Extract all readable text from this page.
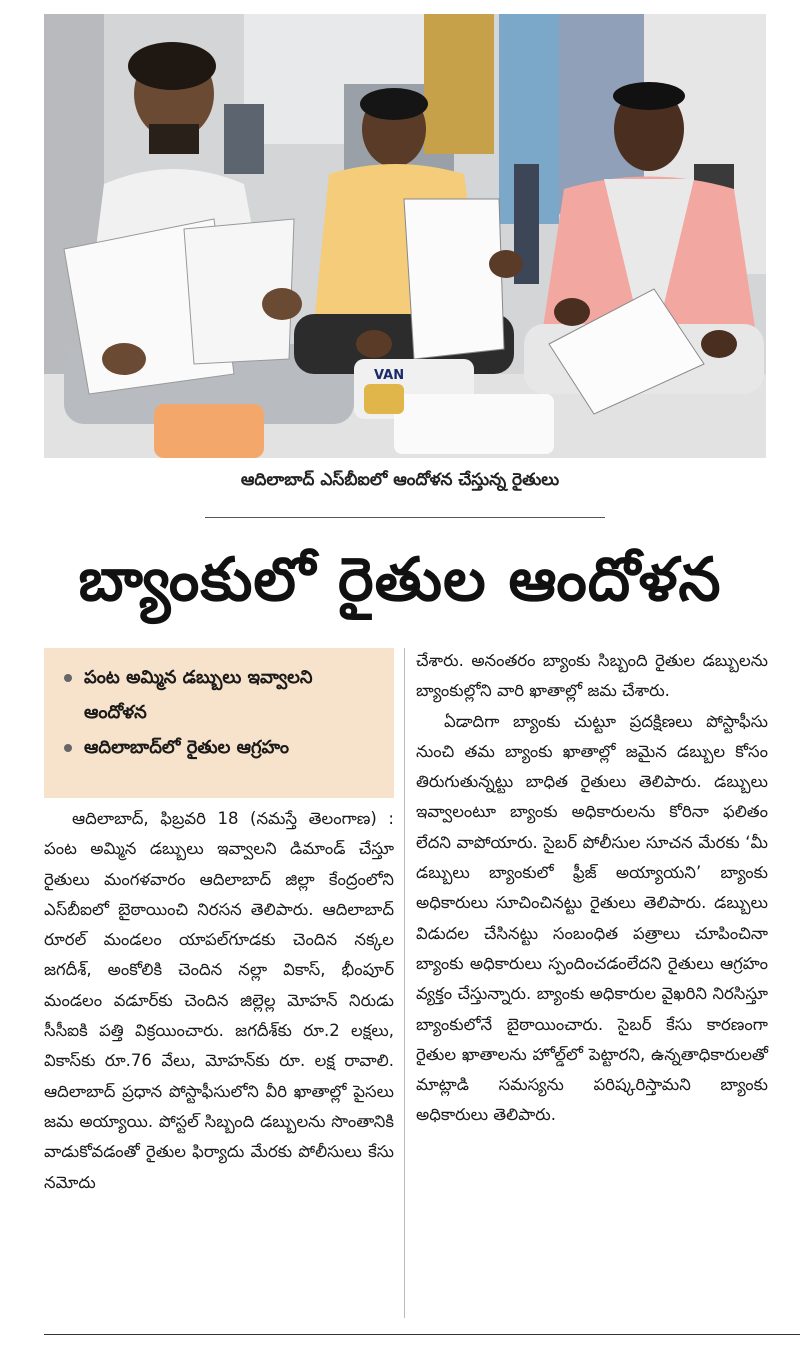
VAN
ఆదిలాబాద్ ఎస్‌బీఐలో ఆందోళన చేస్తున్న రైతులు
బ్యాంకులో రైతుల ఆందోళన
పంట అమ్మిన డబ్బులు ఇవ్వాలని ఆందోళన
ఆదిలాబాద్‌లో రైతుల ఆగ్రహం

ఆదిలాబాద్, ఫిబ్రవరి 18 (నమస్తే తెలంగాణ) : పంట అమ్మిన డబ్బులు ఇవ్వాలని డిమాండ్ చేస్తూ రైతులు మంగళవారం ఆదిలాబాద్ జిల్లా కేంద్రంలోని ఎస్‌బీఐలో బైఠాయించి నిరసన తెలిపారు. ఆదిలాబాద్ రూరల్ మండలం యాపల్‌గూడకు చెందిన నక్కల జగదీశ్, అంకోలికి చెందిన నల్లా వికాస్, భీంపూర్ మండలం వడూర్‌కు చెందిన జిల్లెల్ల మోహన్ నిరుడు సీసీఐకి పత్తి విక్రయించారు. జగదీశ్‌కు రూ.2 లక్షలు, వికాస్‌కు రూ.76 వేలు, మోహన్‌కు రూ. లక్ష రావాలి. ఆదిలాబాద్ ప్రధాన పోస్టాఫీసులోని వీరి ఖాతాల్లో పైసలు జమ అయ్యాయి. పోస్టల్ సిబ్బంది డబ్బులను సొంతానికి వాడుకోవడంతో రైతుల ఫిర్యాదు మేరకు పోలీసులు కేసు నమోదు

చేశారు. అనంతరం బ్యాంకు సిబ్బంది రైతుల డబ్బులను బ్యాంకుల్లోని వారి ఖాతాల్లో జమ చేశారు.

ఏడాదిగా బ్యాంకు చుట్టూ ప్రదక్షిణలు పోస్టాఫీసు నుంచి తమ బ్యాంకు ఖాతాల్లో జమైన డబ్బుల కోసం తిరుగుతున్నట్టు బాధిత రైతులు తెలిపారు. డబ్బులు ఇవ్వాలంటూ బ్యాంకు అధికారులను కోరినా ఫలితం లేదని వాపోయారు. సైబర్ పోలీసుల సూచన మేరకు ‘మీ డబ్బులు బ్యాంకులో ఫ్రీజ్ అయ్యాయని’ బ్యాంకు అధికారులు సూచించినట్టు రైతులు తెలిపారు. డబ్బులు విడుదల చేసినట్టు సంబంధిత పత్రాలు చూపించినా బ్యాంకు అధికారులు స్పందించడంలేదని రైతులు ఆగ్రహం వ్యక్తం చేస్తున్నారు. బ్యాంకు అధికారుల వైఖరిని నిరసిస్తూ బ్యాంకులోనే బైఠాయించారు. సైబర్ కేసు కారణంగా రైతుల ఖాతాలను హోల్డ్‌లో పెట్టారని, ఉన్నతాధికారులతో మాట్లాడి సమస్యను పరిష్కరిస్తామని బ్యాంకు అధికారులు తెలిపారు.
